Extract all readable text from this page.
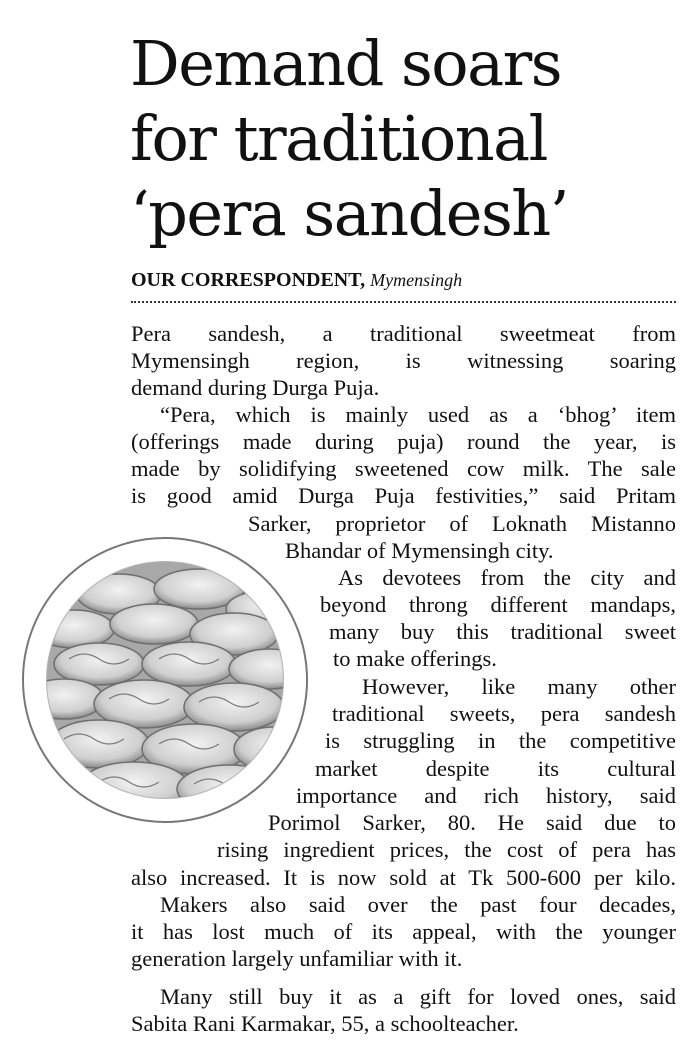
Demand soars
for traditional
‘pera sandesh’
OUR CORRESPONDENT, Mymensingh
Pera sandesh, a traditional sweetmeat from
Mymensingh region, is witnessing soaring
demand during Durga Puja.
“Pera, which is mainly used as a ‘bhog’ item
(offerings made during puja) round the year, is
made by solidifying sweetened cow milk. The sale
is good amid Durga Puja festivities,” said Pritam
Sarker, proprietor of Loknath Mistanno
Bhandar of Mymensingh city.
As devotees from the city and
beyond throng different mandaps,
many buy this traditional sweet
to make offerings.
However, like many other
traditional sweets, pera sandesh
is struggling in the competitive
market despite its cultural
importance and rich history, said
Porimol Sarker, 80. He said due to
rising ingredient prices, the cost of pera has
also increased. It is now sold at Tk 500-600 per kilo.
Makers also said over the past four decades,
it has lost much of its appeal, with the younger
generation largely unfamiliar with it.
Many still buy it as a gift for loved ones, said
Sabita Rani Karmakar, 55, a schoolteacher.
